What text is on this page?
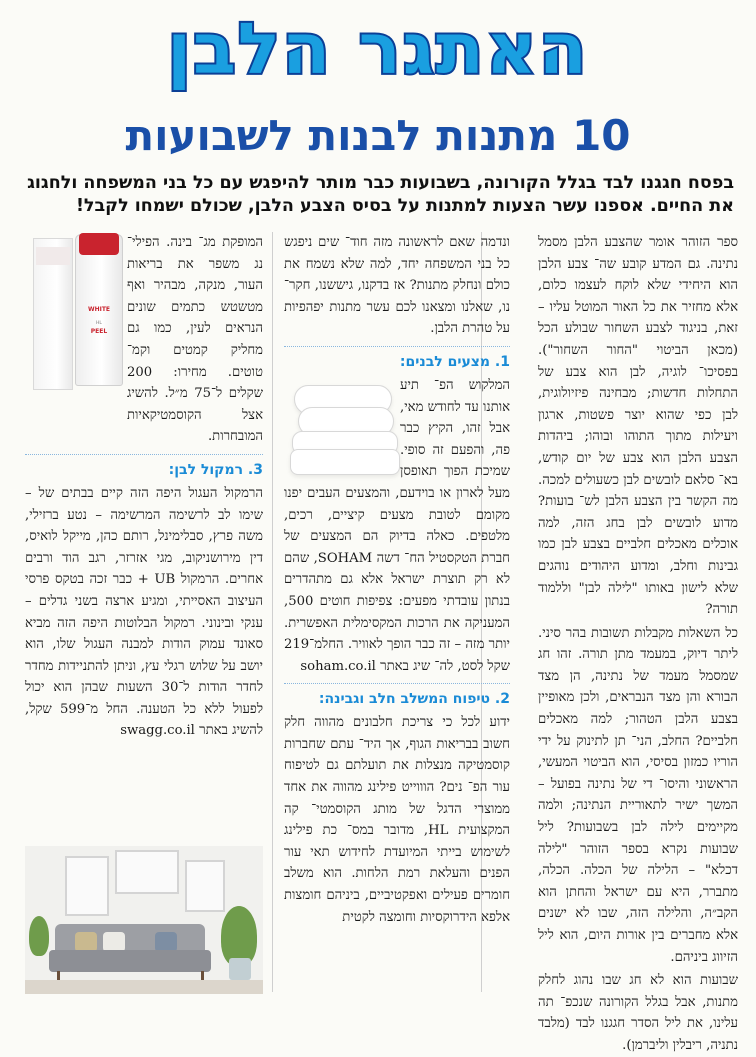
האתגר הלבן
10 מתנות לבנות לשבועות
בפסח חגגנו לבד בגלל הקורונה, בשבועות כבר מותר להיפגש עם כל בני המשפחה ולחגוג את החיים. אספנו עשר הצעות למתנות על בסיס הצבע הלבן, שכולם ישמחו לקבל!

ספר הזוהר אומר שהצבע הלבן מסמל נתינה. גם המדע קובע שה־ צבע הלבן הוא היחידי שלא לוקח לעצמו כלום, אלא מחזיר את כל האור המוטל עליו – זאת, בניגוד לצבע השחור שבולע הכל (מכאן הביטוי "החור השחור"). בפסיכו־ לוגיה, לבן הוא צבע של התחלות חדשות; מבחינה פיזיולוגית, לבן כפי שהוא יוצר פשטות, ארגון ויעילות מתוך התוהו ובוהו; ביהדות הצבע הלבן הוא צבע של יום קודש, בא־ סלאם לובשים לבן כשעולים למכה. מה הקשר בין הצבע הלבן לש־ בועות? מדוע לובשים לבן בחג הזה, למה אוכלים מאכלים חלביים בצבע לבן כמו גבינות וחלב, ומדוע היהודים נוהגים שלא לישון באותו "לילה לבן" וללמוד תורה?

כל השאלות מקבלות תשובות בהר סיני. ליתר דיוק, במעמד מתן תורה. זהו חג שמסמל מעמד של נתינה, הן מצד הבורא והן מצד הנבראים, ולכן מאופיין בצבע הלבן הטהור; למה מאכלים חלביים? החלב, הני־ תן לתינוק על ידי הוריו כמזון בסיסי, הוא הביטוי המעשי, הראשוני והיסו־ די של נתינה בפועל – המשך ישיר לתאוריית הנתינה; ולמה מקיימים לילה לבן בשבועות? ליל שבועות נקרא בספר הזוהר "לילה דכלא" – הלילה של הכלה. הכלה, מתברר, היא עם ישראל והחתן הוא הקב״ה, והלילה הזה, שבו לא ישנים אלא מחברים בין אורות היום, הוא ליל הזיווג ביניהם.

שבועות הוא לא חג שבו נהוג לחלק מתנות, אבל בגלל הקורונה שנכפ־ תה עלינו, את ליל הסדר חגגנו לבד (מלבד נתניה, ריבלין וליברמן).

ונדמה שאם לראשונה מזה חוד־ שים ניפגש כל בני המשפחה יחד, למה שלא נשמח את כולם ונחלק מתנות? אז בדקנו, גיששנו, חקר־ נו, שאלנו ומצאנו לכם עשר מתנות יפהפיות על טהרת הלבן.

1. מצעים לבנים:

המלקוש הפ־ תיע אותנו עד לחודש מאי, אבל זהו, הקיץ כבר פה, והפעם זה סופי. שמיכת הפוך תאופסן מעל לארון או בוידעם, והמצעים העבים יפנו מקומם לטובת מצעים קיציים, רכים, מלטפים. כאלה בדיוק הם המצעים של חברת הטקסטיל הח־ דשה SOHAM, שהם לא רק תוצרת ישראל אלא גם מתהדרים בנתון עובדתי מפעים: צפיפות חוטים 500, המעניקה את הרכות המקסימלית האפשרית. יותר מזה – זה כבר הופך לאוויר. החלמ־219 שקל לסט, לה־ שיג באתר soham.co.il

2. טיפוח המשלב חלב וגבינה:

ידוע לכל כי צריכת חלבונים מהווה חלק חשוב בבריאות הגוף, אך היד־ עתם שחברות קוסמטיקה מנצלות את תועלתם גם לטיפוח עור הפ־ נים? הוווייט פילינג מהווה את אחד ממוצרי הדגל של מותג הקוסמטי־ קה המקצועית HL, מדובר במס־ כת פילינג לשימוש בייתי המיועדת לחידוש תאי עור הפנים והעלאת רמת הלחות. הוא משלב חומרים פעילים ואפקטיביים, ביניהם חומצות אלפא הידרוקסיות וחומצה לקטית

WHITE PEEL
HL

המופקת מג־ בינה. הפילי־ נג משפר את בריאות העור, מנקה, מבהיר ואף מטשטש כתמים שונים הנראים לעין, כמו גם מחליק קמטים וקמ־ טוטים. מחירו: 200 שקלים ל־75 מ״ל. להשיג אצל הקוסמטיקאיות המובחרות.

3. רמקול לבן:

הרמקול העגול היפה הזה קיים בבתים של – שימו לב לרשימה המרשימה – נטע ברזילי, משה פרץ, סבלימינל, רותם כהן, מייקל לואיס, דין מירושניקוב, מגי אזרזר, רגב הוד ורבים אחרים. הרמקול UB + כבר זכה בטקס פרסי העיצוב האסייתי, ומגיע ארצה בשני גדלים – ענקי ובינוני. רמקול הבלוטות היפה הזה מביא סאונד עמוק הודות למבנה העגול שלו, הוא יושב על שלוש רגלי עץ, וניתן להתניידות מחדר לחדר הודות ל־30 השעות שבהן הוא יכול לפעול ללא כל הטענה. החל מ־599 שקל, להשיג באתר swagg.co.il
